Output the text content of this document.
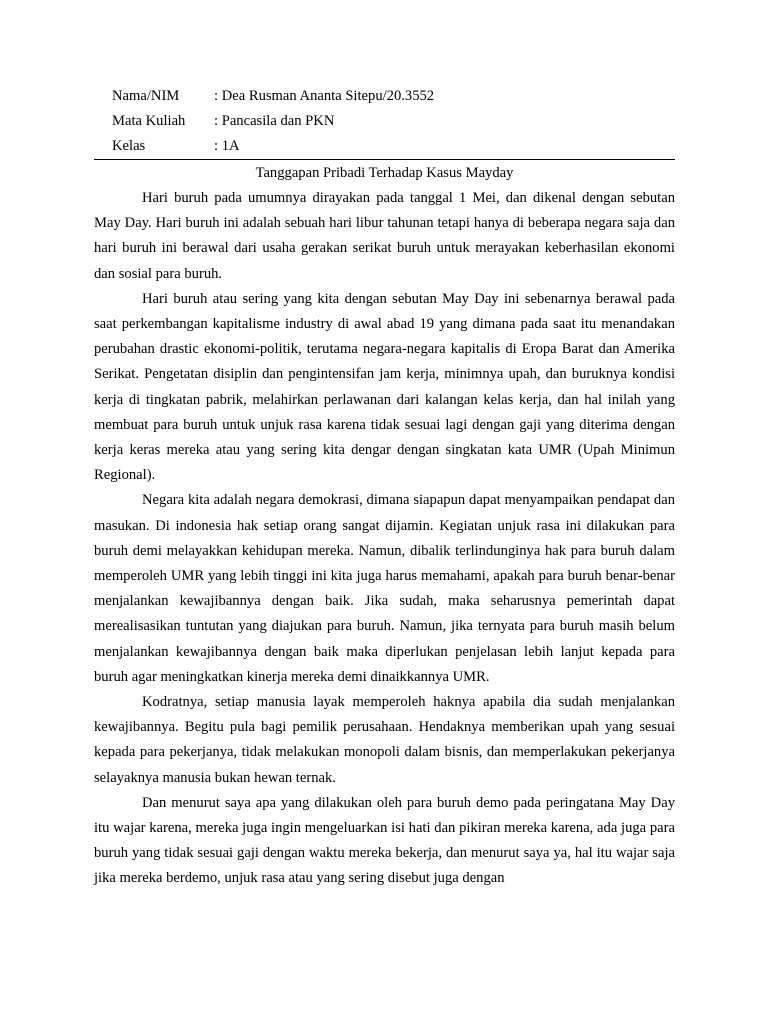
Nama/NIM	: Dea Rusman Ananta Sitepu/20.3552
Mata Kuliah	: Pancasila dan PKN
Kelas	: 1A
Tanggapan Pribadi Terhadap Kasus Mayday

Hari buruh pada umumnya dirayakan pada tanggal 1 Mei, dan dikenal dengan sebutan May Day. Hari buruh ini adalah sebuah hari libur tahunan tetapi hanya di beberapa negara saja dan hari buruh ini berawal dari usaha gerakan serikat buruh untuk merayakan keberhasilan ekonomi dan sosial para buruh.

Hari buruh atau sering yang kita dengan sebutan May Day ini sebenarnya berawal pada saat perkembangan kapitalisme industry di awal abad 19 yang dimana pada saat itu menandakan perubahan drastic ekonomi-politik, terutama negara-negara kapitalis di Eropa Barat dan Amerika Serikat. Pengetatan disiplin dan pengintensifan jam kerja, minimnya upah, dan buruknya kondisi kerja di tingkatan pabrik, melahirkan perlawanan dari kalangan kelas kerja, dan hal inilah yang membuat para buruh untuk unjuk rasa karena tidak sesuai lagi dengan gaji yang diterima dengan kerja keras mereka atau yang sering kita dengar dengan singkatan kata UMR (Upah Minimun Regional).

Negara kita adalah negara demokrasi, dimana siapapun dapat menyampaikan pendapat dan masukan. Di indonesia hak setiap orang sangat dijamin. Kegiatan unjuk rasa ini dilakukan para buruh demi melayakkan kehidupan mereka. Namun, dibalik terlindunginya hak para buruh dalam memperoleh UMR yang lebih tinggi ini kita juga harus memahami, apakah para buruh benar-benar menjalankan kewajibannya dengan baik. Jika sudah, maka seharusnya pemerintah dapat merealisasikan tuntutan yang diajukan para buruh. Namun, jika ternyata para buruh masih belum menjalankan kewajibannya dengan baik maka diperlukan penjelasan lebih lanjut kepada para buruh agar meningkatkan kinerja mereka demi dinaikkannya UMR.

Kodratnya, setiap manusia layak memperoleh haknya apabila dia sudah menjalankan kewajibannya. Begitu pula bagi pemilik perusahaan. Hendaknya memberikan upah yang sesuai kepada para pekerjanya, tidak melakukan monopoli dalam bisnis, dan memperlakukan pekerjanya selayaknya manusia bukan hewan ternak.

Dan menurut saya apa yang dilakukan oleh para buruh demo pada peringatana May Day itu wajar karena, mereka juga ingin mengeluarkan isi hati dan pikiran mereka karena, ada juga para buruh yang tidak sesuai gaji dengan waktu mereka bekerja, dan menurut saya ya, hal itu wajar saja jika mereka berdemo, unjuk rasa atau yang sering disebut juga dengan
